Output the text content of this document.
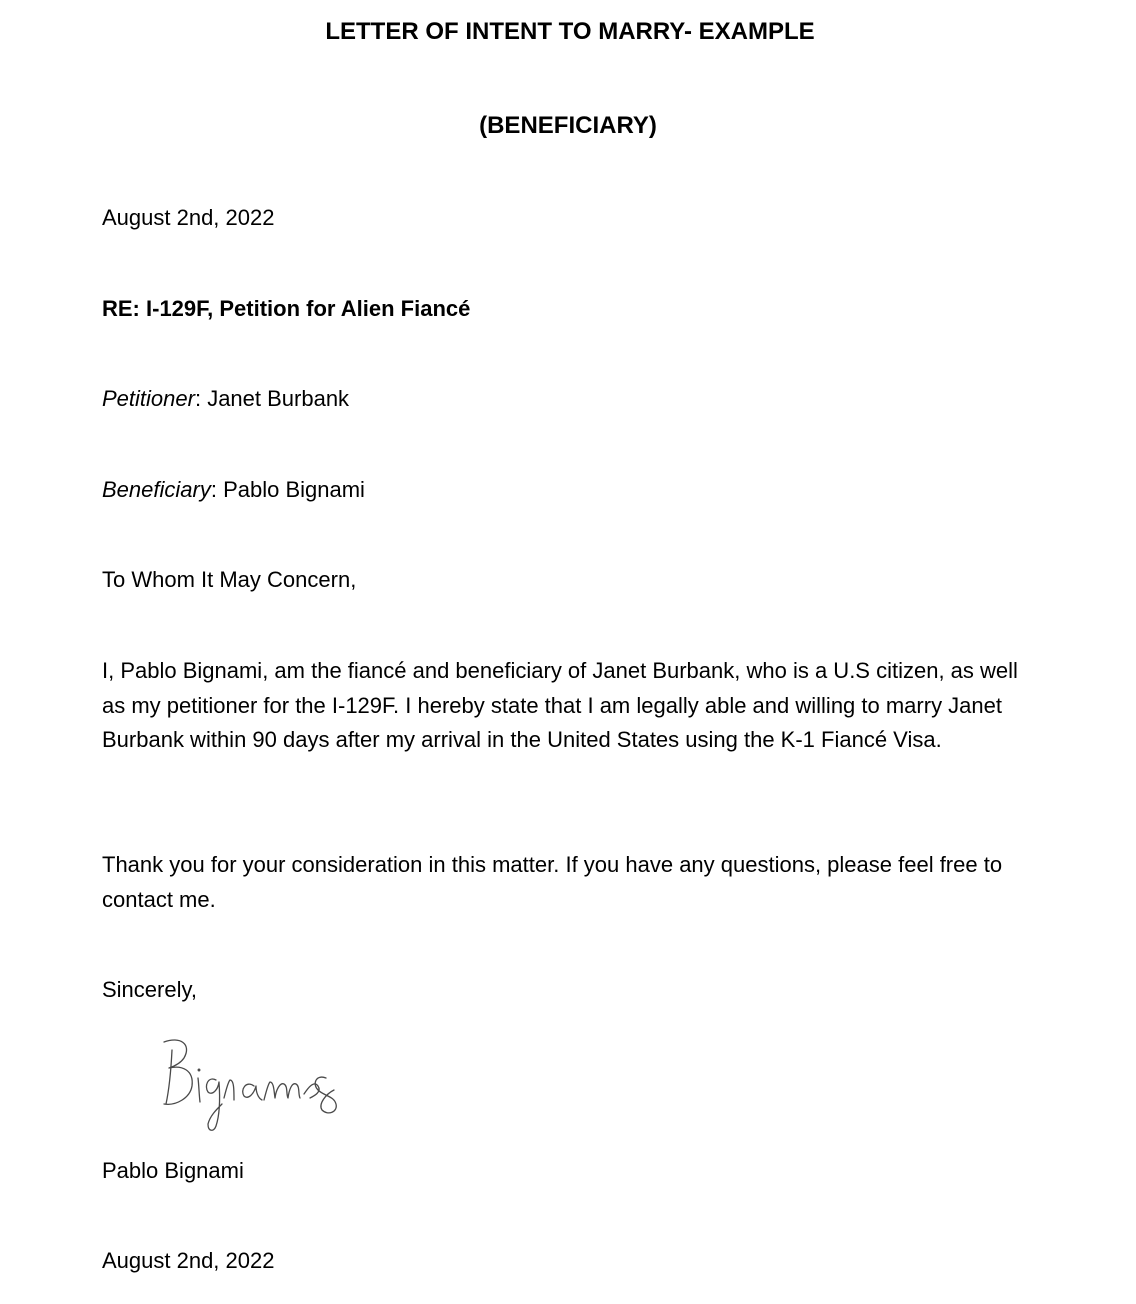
LETTER OF INTENT TO MARRY- EXAMPLE

(BENEFICIARY)

August 2nd, 2022

RE: I-129F, Petition for Alien Fiancé

Petitioner: Janet Burbank

Beneficiary: Pablo Bignami

To Whom It May Concern,

I, Pablo Bignami, am the fiancé and beneficiary of Janet Burbank, who is a U.S citizen, as well as my petitioner for the I-129F. I hereby state that I am legally able and willing to marry Janet Burbank within 90 days after my arrival in the United States using the K-1 Fiancé Visa.

Thank you for your consideration in this matter. If you have any questions, please feel free to contact me.

Sincerely,

Pablo Bignami

August 2nd, 2022
